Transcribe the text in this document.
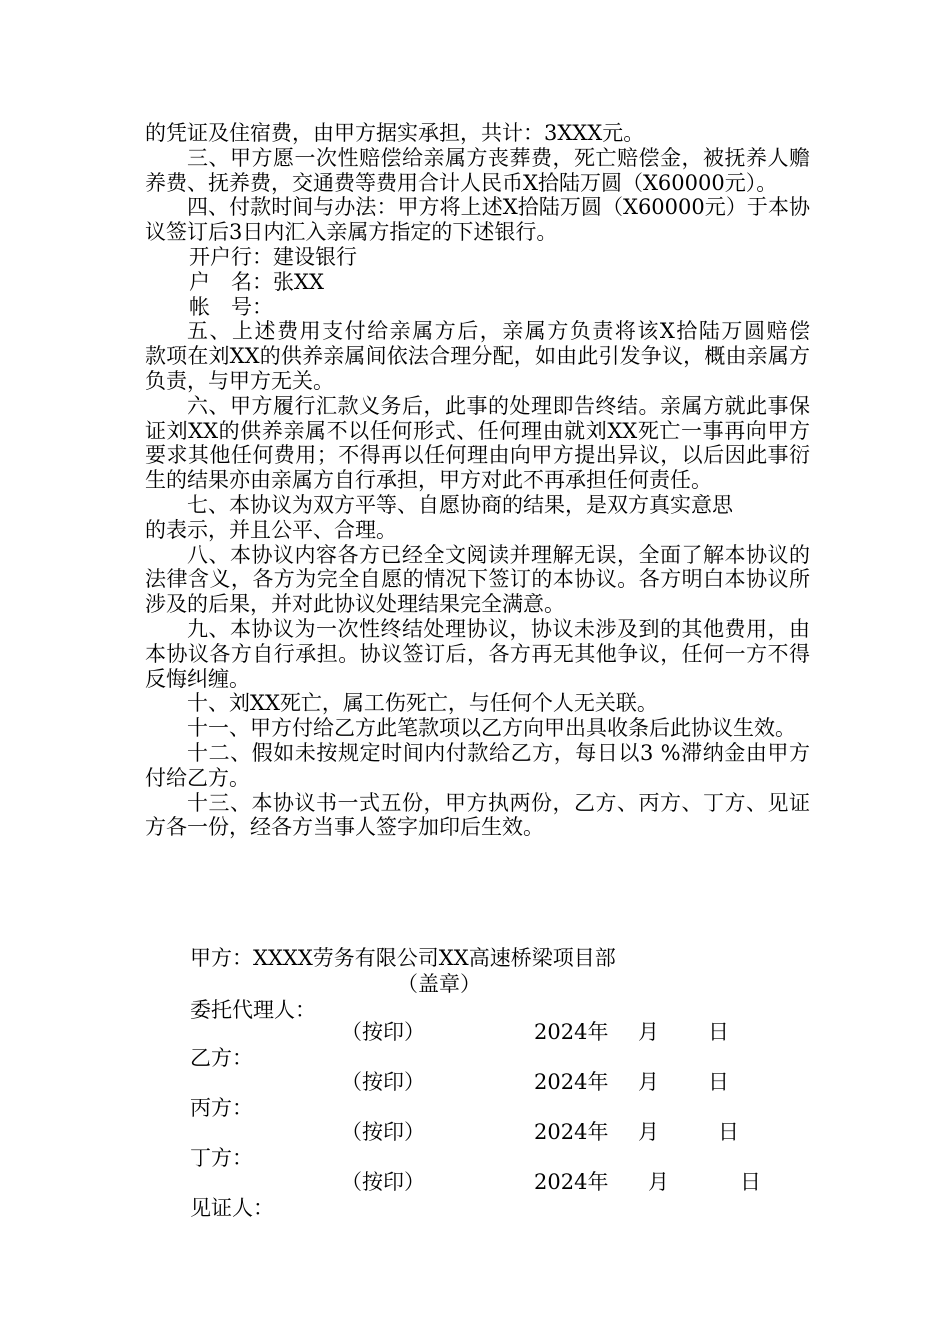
的凭证及住宿费，由甲方据实承担，共计：3XXX元。

三、甲方愿一次性赔偿给亲属方丧葬费，死亡赔偿金，被抚养人赡养费、抚养费，交通费等费用合计人民币X拾陆万圆（X60000元）。

四、付款时间与办法：甲方将上述X拾陆万圆（X60000元）于本协议签订后3日内汇入亲属方指定的下述银行。

开户行：建设银行

户　名：张XX

帐　号：

五、上述费用支付给亲属方后，亲属方负责将该X拾陆万圆赔偿　款项在刘XX的供养亲属间依法合理分配，如由此引发争议，概由亲属方负责，与甲方无关。

六、甲方履行汇款义务后，此事的处理即告终结。亲属方就此事保证刘XX的供养亲属不以任何形式、任何理由就刘XX死亡一事再向甲方要求其他任何费用；不得再以任何理由向甲方提出异议，以后因此事衍生的结果亦由亲属方自行承担，甲方对此不再承担任何责任。

七、本协议为双方平等、自愿协商的结果，是双方真实意思

的表示，并且公平、合理。

八、本协议内容各方已经全文阅读并理解无误，全面了解本协议的法律含义，各方为完全自愿的情况下签订的本协议。各方明白本协议所涉及的后果，并对此协议处理结果完全满意。

九、本协议为一次性终结处理协议，协议未涉及到的其他费用，由本协议各方自行承担。协议签订后，各方再无其他争议，任何一方不得反悔纠缠。

十、刘XX死亡，属工伤死亡，与任何个人无关联。

十一、甲方付给乙方此笔款项以乙方向甲出具收条后此协议生效。

十二、假如未按规定时间内付款给乙方，每日以3 %滞纳金由甲方付给乙方。

十三、本协议书一式五份，甲方执两份，乙方、丙方、丁方、见证方各一份，经各方当事人签字加印后生效。

甲方：XXXX劳务有限公司XX高速桥梁项目部
（盖章）
委托代理人：
（按印）	2024年 月 日
乙方：
（按印）	2024年 月 日
丙方：
（按印）	2024年 月	日
丁方：
（按印）	2024年 月	日
见证人：
